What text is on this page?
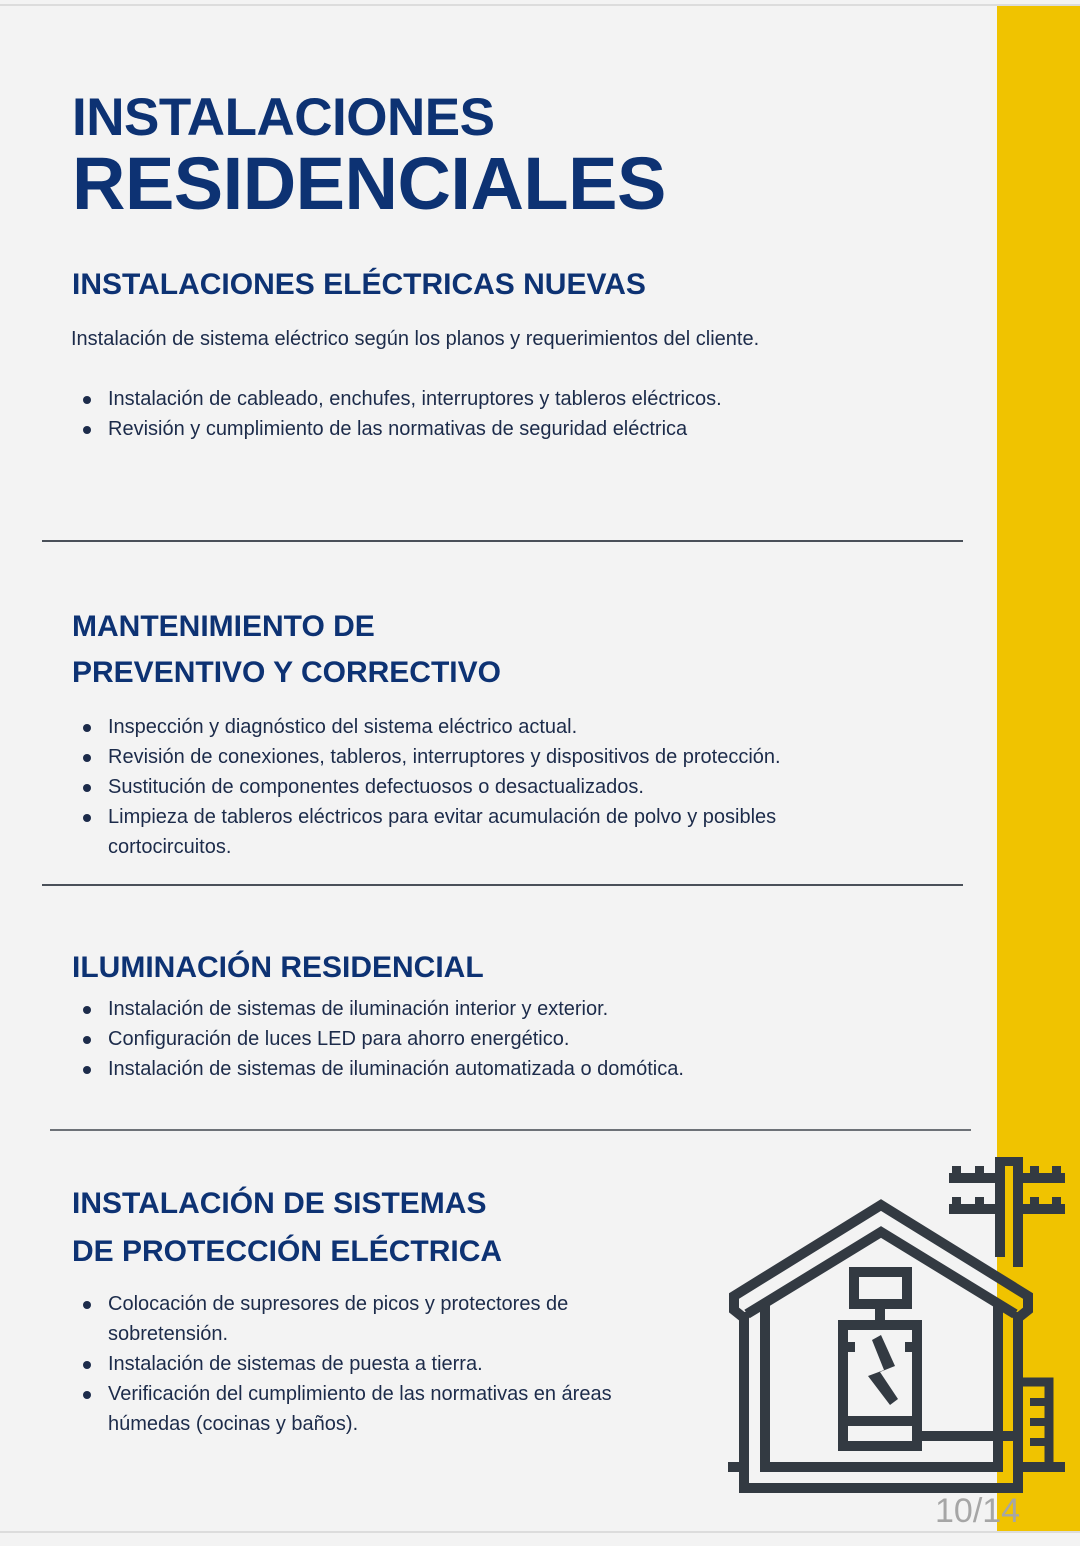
INSTALACIONES
RESIDENCIALES
INSTALACIONES ELÉCTRICAS NUEVAS

Instalación de sistema eléctrico según los planos y requerimientos del cliente.

Instalación de cableado, enchufes, interruptores y tableros eléctricos.
Revisión y cumplimiento de las normativas de seguridad eléctrica
MANTENIMIENTO DE
PREVENTIVO Y CORRECTIVO
Inspección y diagnóstico del sistema eléctrico actual.
Revisión de conexiones, tableros, interruptores y dispositivos de protección.
Sustitución de componentes defectuosos o desactualizados.
Limpieza de tableros eléctricos para evitar acumulación de polvo y posibles cortocircuitos.
ILUMINACIÓN RESIDENCIAL
Instalación de sistemas de iluminación interior y exterior.
Configuración de luces LED para ahorro energético.
Instalación de sistemas de iluminación automatizada o domótica.
INSTALACIÓN DE SISTEMAS
DE PROTECCIÓN ELÉCTRICA
Colocación de supresores de picos y protectores de sobretensión.
Instalación de sistemas de puesta a tierra.
Verificación del cumplimiento de las normativas en áreas húmedas (cocinas y baños).
10/14
